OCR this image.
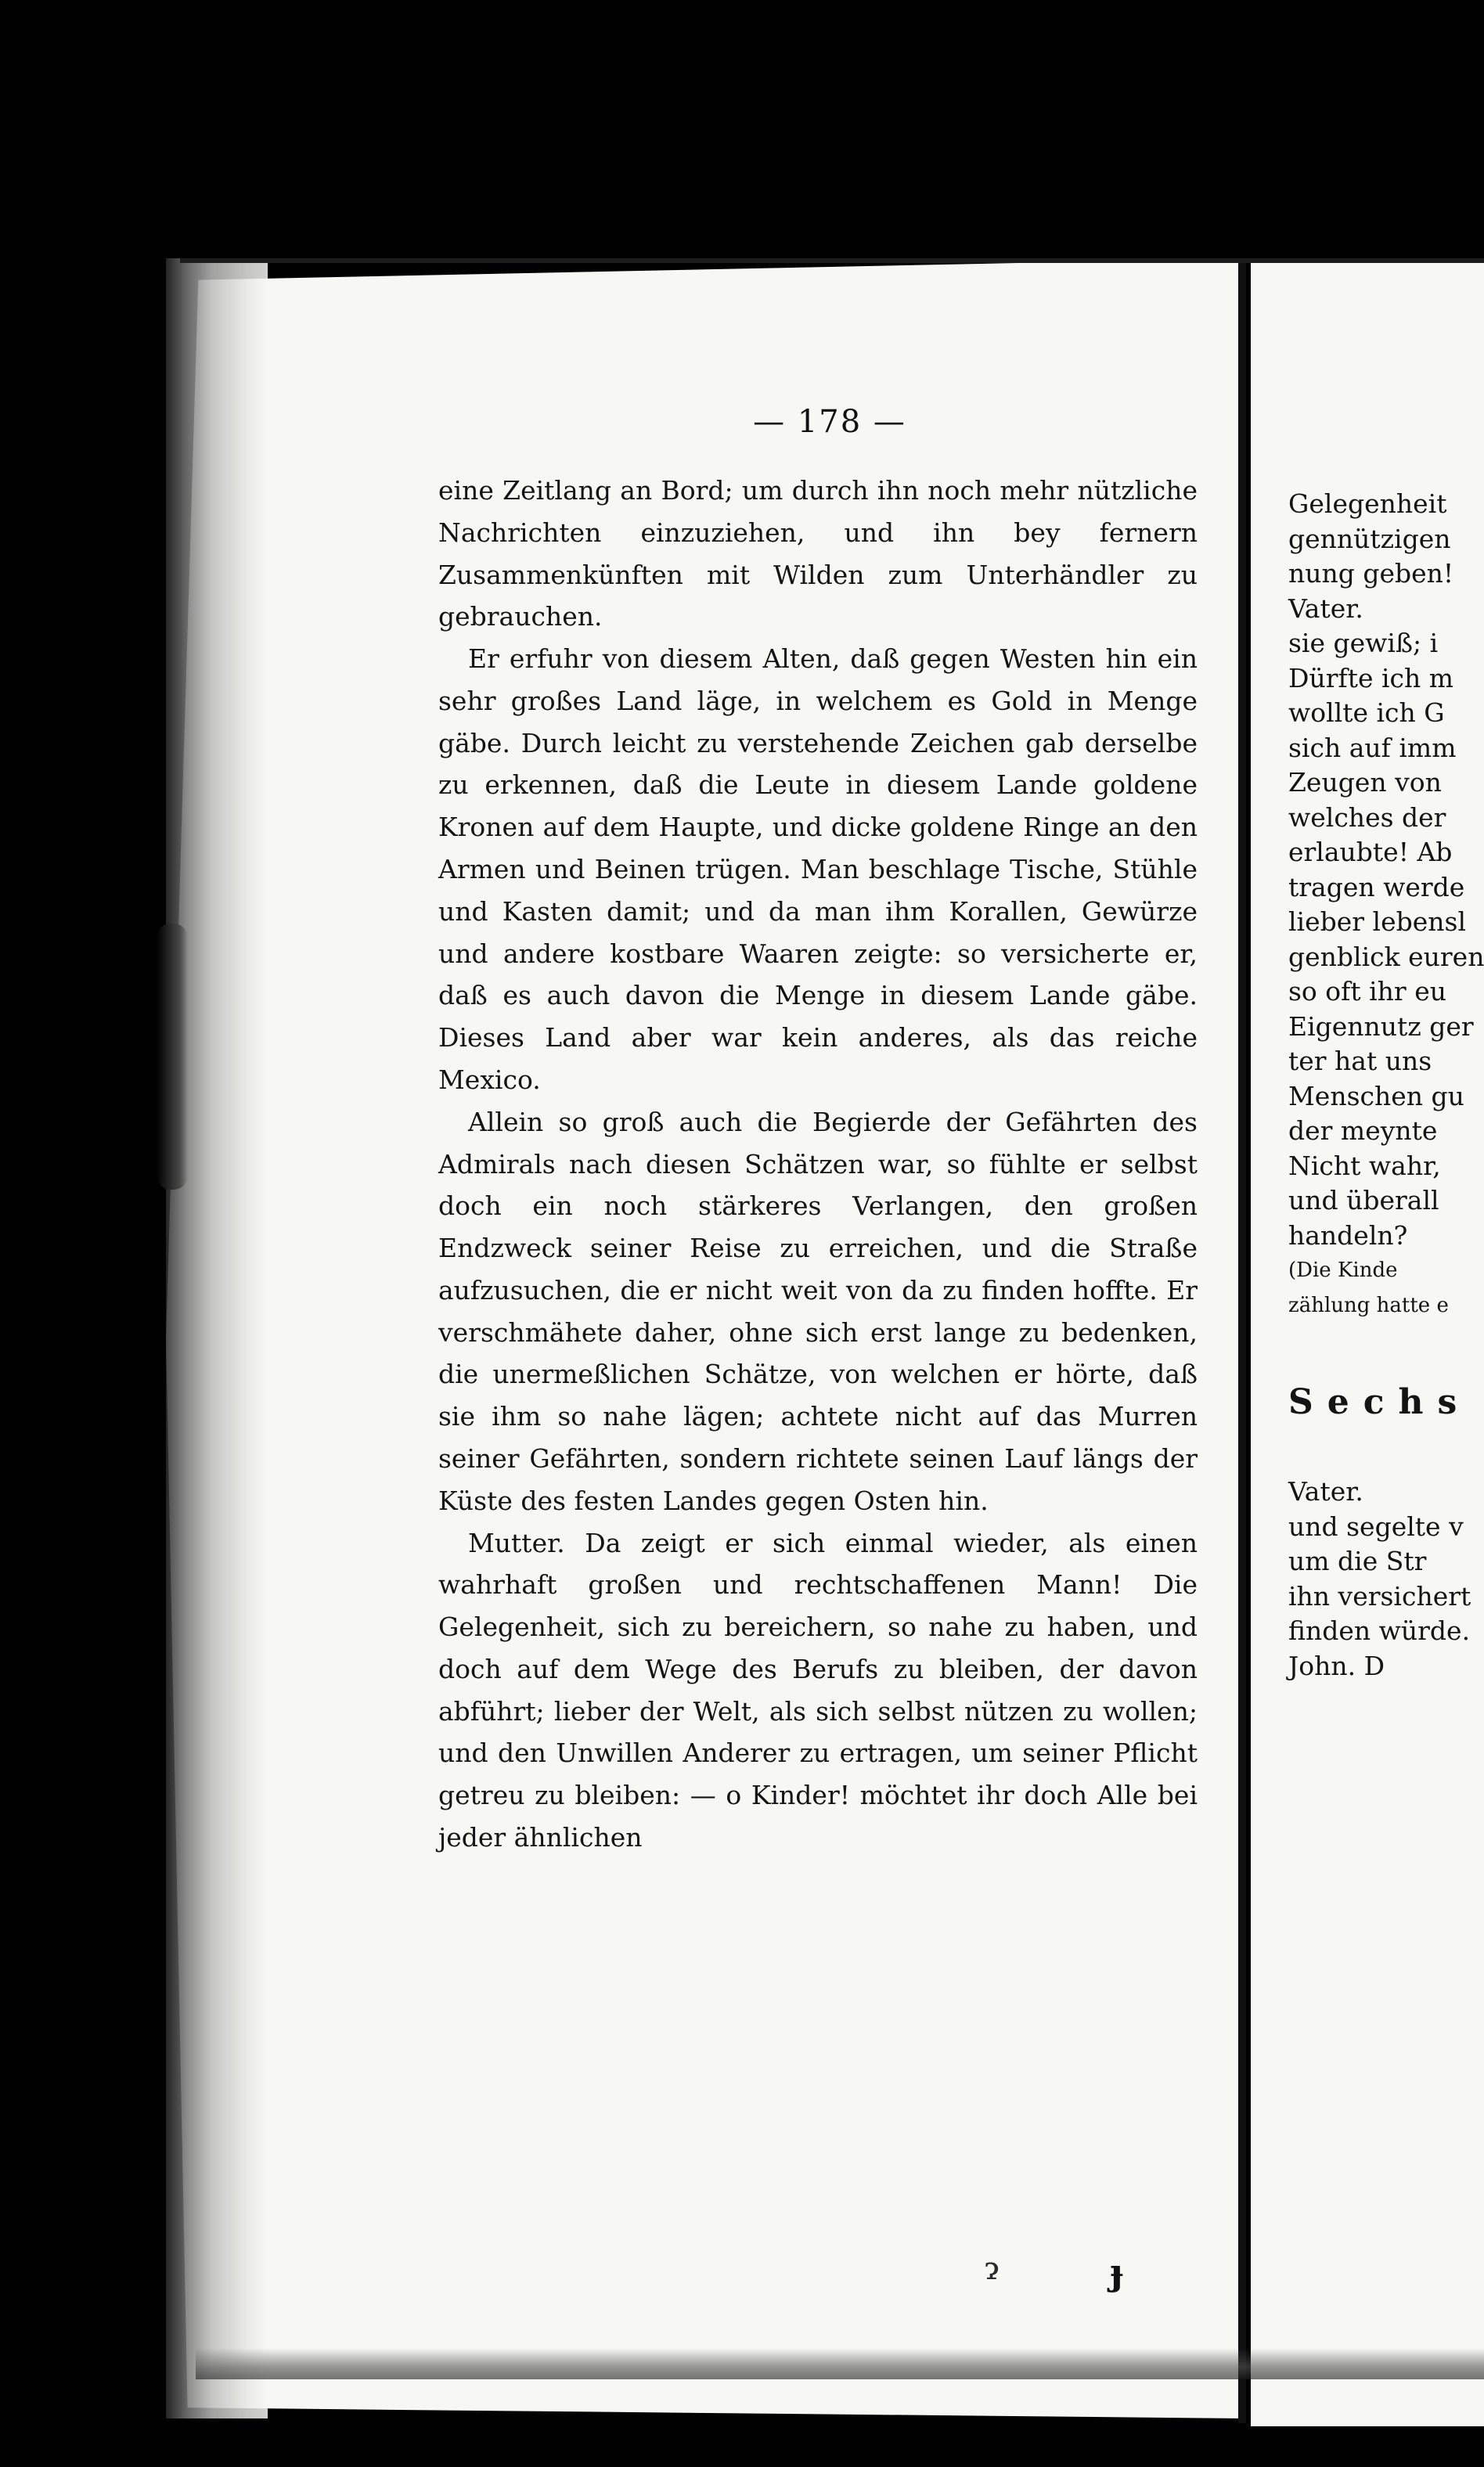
— 178 —

eine Zeitlang an Bord; um durch ihn noch mehr nützliche Nachrichten einzuziehen, und ihn bey fernern Zusammenkünften mit Wilden zum Unterhändler zu gebrauchen.

Er erfuhr von diesem Alten, daß gegen Westen hin ein sehr großes Land läge, in welchem es Gold in Menge gäbe. Durch leicht zu verstehende Zeichen gab derselbe zu erkennen, daß die Leute in diesem Lande goldene Kronen auf dem Haupte, und dicke goldene Ringe an den Armen und Beinen trügen. Man beschlage Tische, Stühle und Kasten damit; und da man ihm Korallen, Gewürze und andere kostbare Waaren zeigte: so versicherte er, daß es auch davon die Menge in diesem Lande gäbe. Dieses Land aber war kein anderes, als das reiche Mexico.

Allein so groß auch die Begierde der Gefährten des Admirals nach diesen Schätzen war, so fühlte er selbst doch ein noch stärkeres Verlangen, den großen Endzweck seiner Reise zu erreichen, und die Straße aufzusuchen, die er nicht weit von da zu finden hoffte. Er verschmähete daher, ohne sich erst lange zu bedenken, die unermeßlichen Schätze, von welchen er hörte, daß sie ihm so nahe lägen; achtete nicht auf das Murren seiner Gefährten, sondern richtete seinen Lauf längs der Küste des festen Landes gegen Osten hin.

Mutter. Da zeigt er sich einmal wieder, als einen wahrhaft großen und rechtschaffenen Mann! Die Gelegenheit, sich zu bereichern, so nahe zu haben, und doch auf dem Wege des Berufs zu bleiben, der davon abführt; lieber der Welt, als sich selbst nützen zu wollen; und den Unwillen Anderer zu ertragen, um seiner Pflicht getreu zu bleiben: — o Kinder! möchtet ihr doch Alle bei jeder ähnlichen

Gelegenheit
gennützigen
nung geben!
Vater.
sie gewiß; i
Dürfte ich m
wollte ich G
sich auf imm
Zeugen von
welches der
erlaubte! Ab
tragen werde
lieber lebensl
genblick euren
so oft ihr eu
Eigennutz ger
ter hat uns
Menschen gu
der meynte
Nicht wahr,
und überall
handeln?
(Die Kinde
zählung hatte e
Sechs
Vater.
und segelte v
um die Str
ihn versichert
finden würde.
John. D
ɂ	ɟ
